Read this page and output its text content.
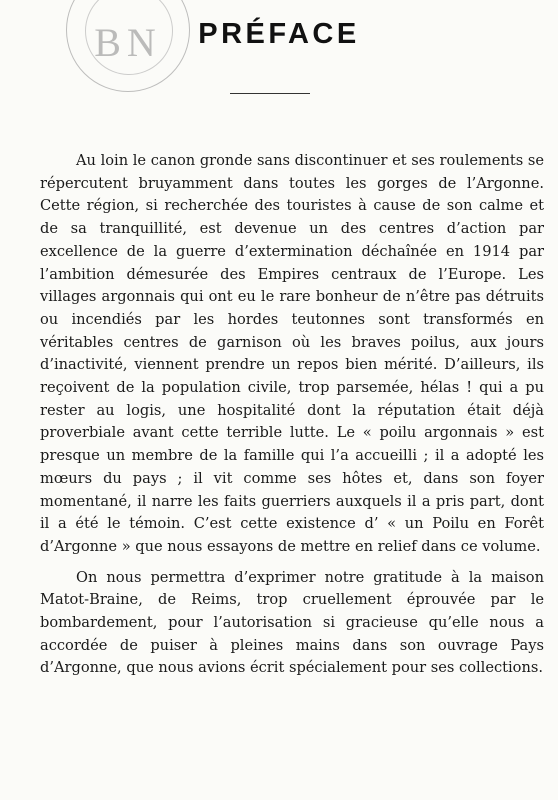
BN	PRÉFACE

Au loin le canon gronde sans discontinuer et ses roulements se répercutent bruyamment dans toutes les gorges de l’Argonne. Cette région, si recherchée des touristes à cause de son calme et de sa tranquillité, est devenue un des centres d’action par excellence de la guerre d’extermination déchaînée en 1914 par l’ambition démesurée des Empires centraux de l’Europe. Les villages argonnais qui ont eu le rare bonheur de n’être pas détruits ou incendiés par les hordes teutonnes sont transformés en véritables centres de garnison où les braves poilus, aux jours d’inactivité, viennent prendre un repos bien mérité. D’ailleurs, ils reçoivent de la population civile, trop parsemée, hélas ! qui a pu rester au logis, une hospitalité dont la réputation était déjà proverbiale avant cette terrible lutte. Le « poilu argonnais » est presque un membre de la famille qui l’a accueilli ; il a adopté les mœurs du pays ; il vit comme ses hôtes et, dans son foyer momentané, il narre les faits guerriers auxquels il a pris part, dont il a été le témoin. C’est cette existence d’ « un Poilu en Forêt d’Argonne » que nous essayons de mettre en relief dans ce volume.

On nous permettra d’exprimer notre gratitude à la maison Matot-Braine, de Reims, trop cruellement éprouvée par le bombardement, pour l’autorisation si gracieuse qu’elle nous a accordée de puiser à pleines mains dans son ouvrage Pays d’Argonne, que nous avions écrit spécialement pour ses collections.
